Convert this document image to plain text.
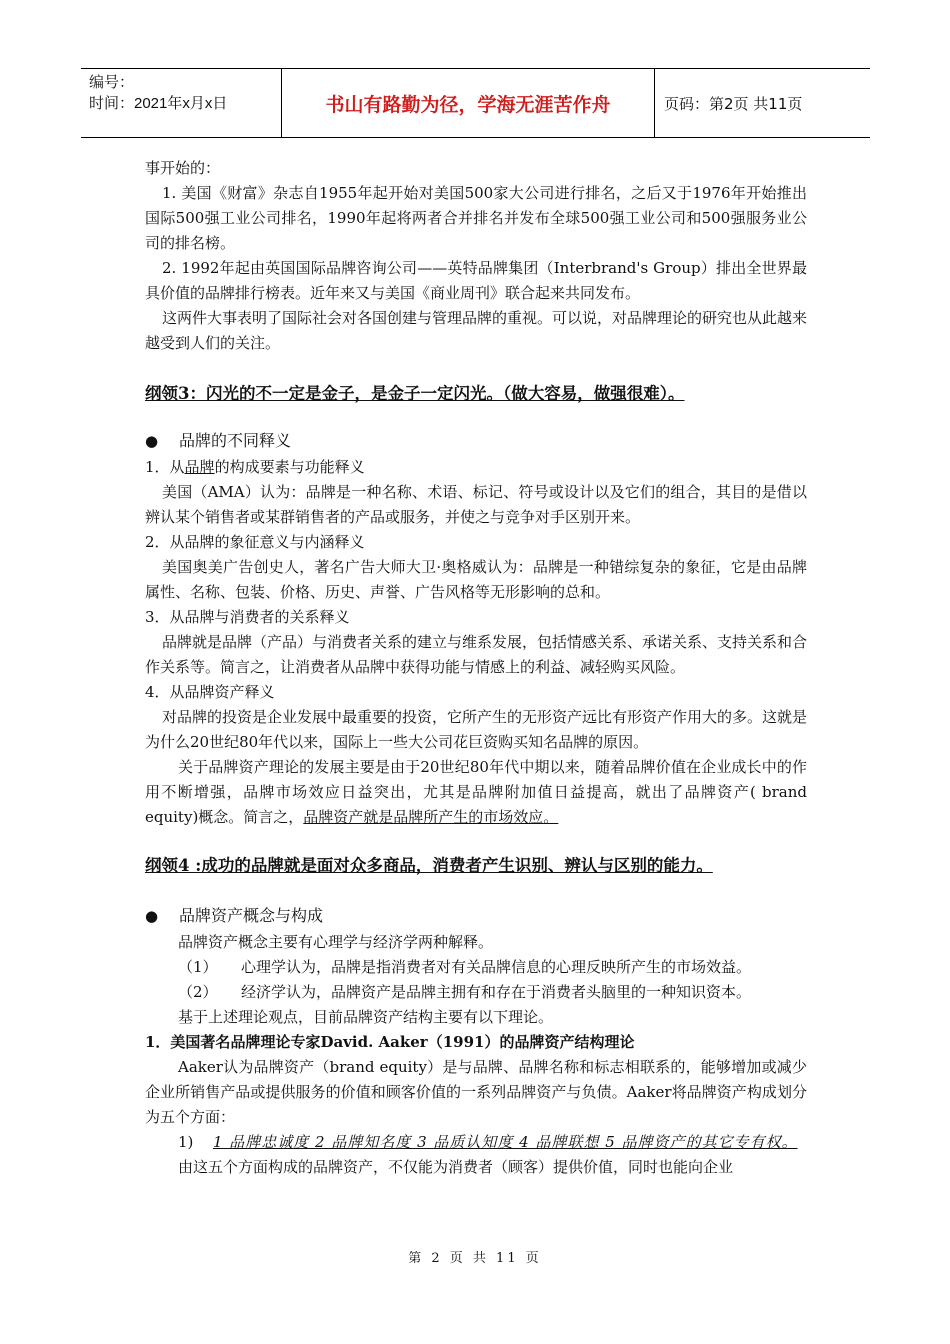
编号：
时间：2021年x月x日	书山有路勤为径，学海无涯苦作舟	页码：第2页 共11页

事开始的：

1. 美国《财富》杂志自1955年起开始对美国500家大公司进行排名，之后又于1976年开始推出国际500强工业公司排名，1990年起将两者合并排名并发布全球500强工业公司和500强服务业公司的排名榜。

2. 1992年起由英国国际品牌咨询公司——英特品牌集团（Interbrand's Group）排出全世界最具价值的品牌排行榜表。近年来又与美国《商业周刊》联合起来共同发布。

这两件大事表明了国际社会对各国创建与管理品牌的重视。可以说，对品牌理论的研究也从此越来越受到人们的关注。

纲领3：闪光的不一定是金子，是金子一定闪光。（做大容易，做强很难）。

●	品牌的不同释义

1．从品牌的构成要素与功能释义

美国（AMA）认为：品牌是一种名称、术语、标记、符号或设计以及它们的组合，其目的是借以辨认某个销售者或某群销售者的产品或服务，并使之与竞争对手区别开来。

2．从品牌的象征意义与内涵释义

美国奥美广告创史人，著名广告大师大卫·奥格威认为：品牌是一种错综复杂的象征，它是由品牌属性、名称、包装、价格、历史、声誉、广告风格等无形影响的总和。

3．从品牌与消费者的关系释义

品牌就是品牌（产品）与消费者关系的建立与维系发展，包括情感关系、承诺关系、支持关系和合作关系等。简言之，让消费者从品牌中获得功能与情感上的利益、减轻购买风险。

4．从品牌资产释义

对品牌的投资是企业发展中最重要的投资，它所产生的无形资产远比有形资产作用大的多。这就是为什么20世纪80年代以来，国际上一些大公司花巨资购买知名品牌的原因。

关于品牌资产理论的发展主要是由于20世纪80年代中期以来，随着品牌价值在企业成长中的作用不断增强，品牌市场效应日益突出，尤其是品牌附加值日益提高，就出了品牌资产( brand equity)概念。简言之，品牌资产就是品牌所产生的市场效应。

纲领4 :成功的品牌就是面对众多商品，消费者产生识别、辨认与区别的能力。

●	品牌资产概念与构成

品牌资产概念主要有心理学与经济学两种解释。

（1）	心理学认为，品牌是指消费者对有关品牌信息的心理反映所产生的市场效益。
（2）	经济学认为，品牌资产是品牌主拥有和存在于消费者头脑里的一种知识资本。

基于上述理论观点，目前品牌资产结构主要有以下理论。

1．美国著名品牌理论专家David. Aaker（1991）的品牌资产结构理论

Aaker认为品牌资产（brand equity）是与品牌、品牌名称和标志相联系的，能够增加或减少企业所销售产品或提供服务的价值和顾客价值的一系列品牌资产与负债。Aaker将品牌资产构成划分为五个方面：

1)	1 品牌忠诚度 2 品牌知名度 3 品质认知度 4 品牌联想 5 品牌资产的其它专有权。

由这五个方面构成的品牌资产，不仅能为消费者（顾客）提供价值，同时也能向企业

第 2 页 共 11 页
